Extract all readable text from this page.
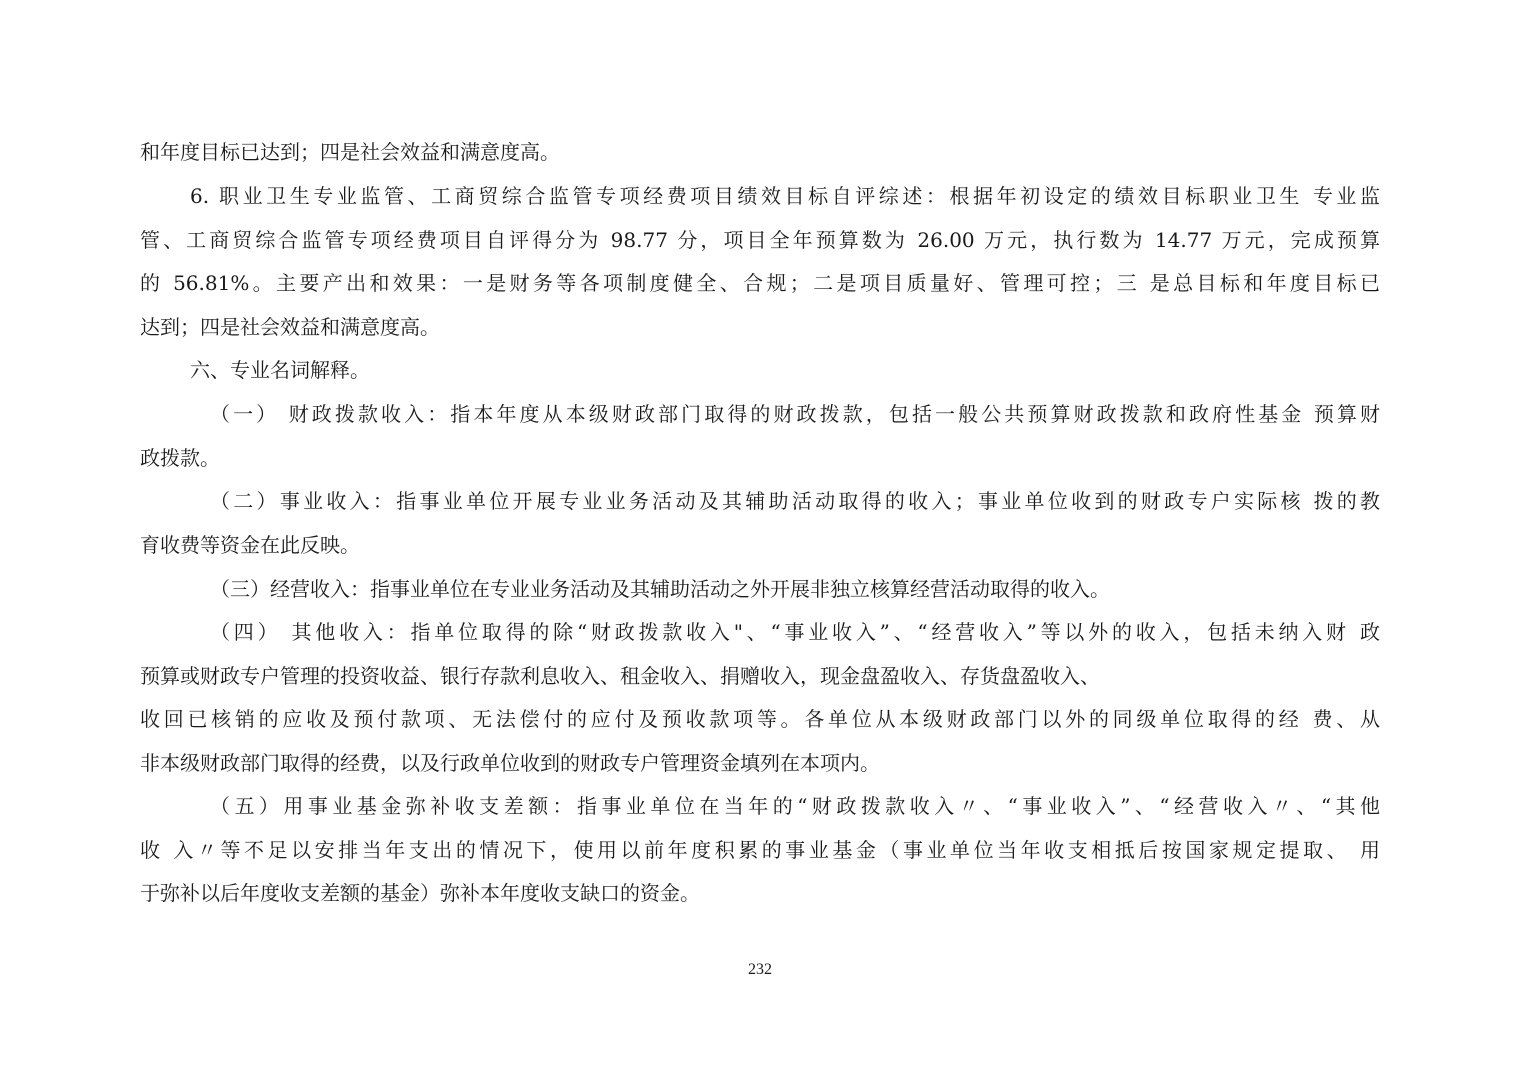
和年度目标已达到；四是社会效益和满意度高。
6. 职业卫生专业监管、工商贸综合监管专项经费项目绩效目标自评综述：根据年初设定的绩效目标职业卫生 专业监
管、工商贸综合监管专项经费项目自评得分为 98.77 分，项目全年预算数为 26.00 万元，执行数为 14.77 万元，完成预算
的 56.81%。主要产出和效果：一是财务等各项制度健全、合规；二是项目质量好、管理可控；三 是总目标和年度目标已
达到；四是社会效益和满意度高。
六、专业名词解释。
（一） 财政拨款收入：指本年度从本级财政部门取得的财政拨款，包括一般公共预算财政拨款和政府性基金 预算财
政拨款。
（二）事业收入：指事业单位开展专业业务活动及其辅助活动取得的收入；事业单位收到的财政专户实际核 拨的教
育收费等资金在此反映。
（三）经营收入：指事业单位在专业业务活动及其辅助活动之外开展非独立核算经营活动取得的收入。
（四） 其他收入：指单位取得的除“财政拨款收入"、“事业收入”、“经营收入”等以外的收入，包括未纳入财 政
预算或财政专户管理的投资收益、银行存款利息收入、租金收入、捐赠收入，现金盘盈收入、存货盘盈收入、
收回已核销的应收及预付款项、无法偿付的应付及预收款项等。各单位从本级财政部门以外的同级单位取得的经 费、从
非本级财政部门取得的经费，以及行政单位收到的财政专户管理资金填列在本项内。
（五）用事业基金弥补收支差额：指事业单位在当年的“财政拨款收入〃、“事业收入”、“经营收入〃、“其他
收 入〃等不足以安排当年支出的情况下，使用以前年度积累的事业基金（事业单位当年收支相抵后按国家规定提取、 用
于弥补以后年度收支差额的基金）弥补本年度收支缺口的资金。
232
